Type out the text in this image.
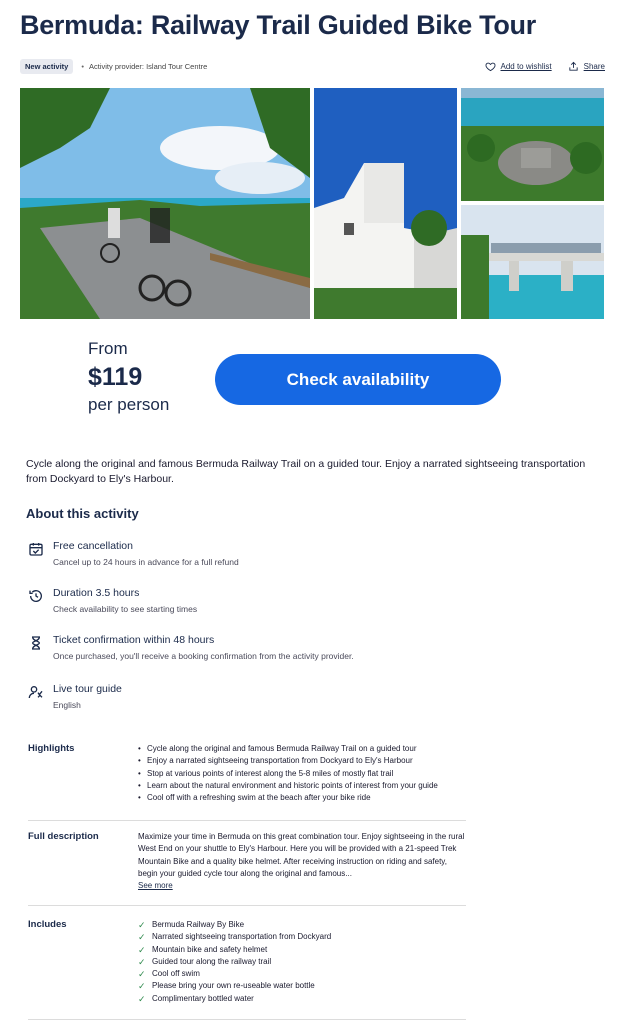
Bermuda: Railway Trail Guided Bike Tour
New activity	• Activity provider: Island Tour Centre	Add to wishlist	Share
From
$119
per person
Check availability

Cycle along the original and famous Bermuda Railway Trail on a guided tour. Enjoy a narrated sightseeing transportation from Dockyard to Ely's Harbour.

About this activity
Free cancellation
Cancel up to 24 hours in advance for a full refund
Duration 3.5 hours
Check availability to see starting times
Ticket confirmation within 48 hours
Once purchased, you'll receive a booking confirmation from the activity provider.
Live tour guide
English
Highlights	• Cycle along the original and famous Bermuda Railway Trail on a guided tour
• Enjoy a narrated sightseeing transportation from Dockyard to Ely's Harbour
• Stop at various points of interest along the 5-8 miles of mostly flat trail
• Learn about the natural environment and historic points of interest from your guide
• Cool off with a refreshing swim at the beach after your bike ride
Full description	Maximize your time in Bermuda on this great combination tour. Enjoy sightseeing in the rural West End on your shuttle to Ely's Harbour. Here you will be provided with a 21-speed Trek Mountain Bike and a quality bike helmet. After receiving instruction on riding and safety, begin your guided cycle tour along the original and famous...
See more
Includes	✓ Bermuda Railway By Bike
✓ Narrated sightseeing transportation from Dockyard
✓ Mountain bike and safety helmet
✓ Guided tour along the railway trail
✓ Cool off swim
✓ Please bring your own re-useable water bottle
✓ Complimentary bottled water
